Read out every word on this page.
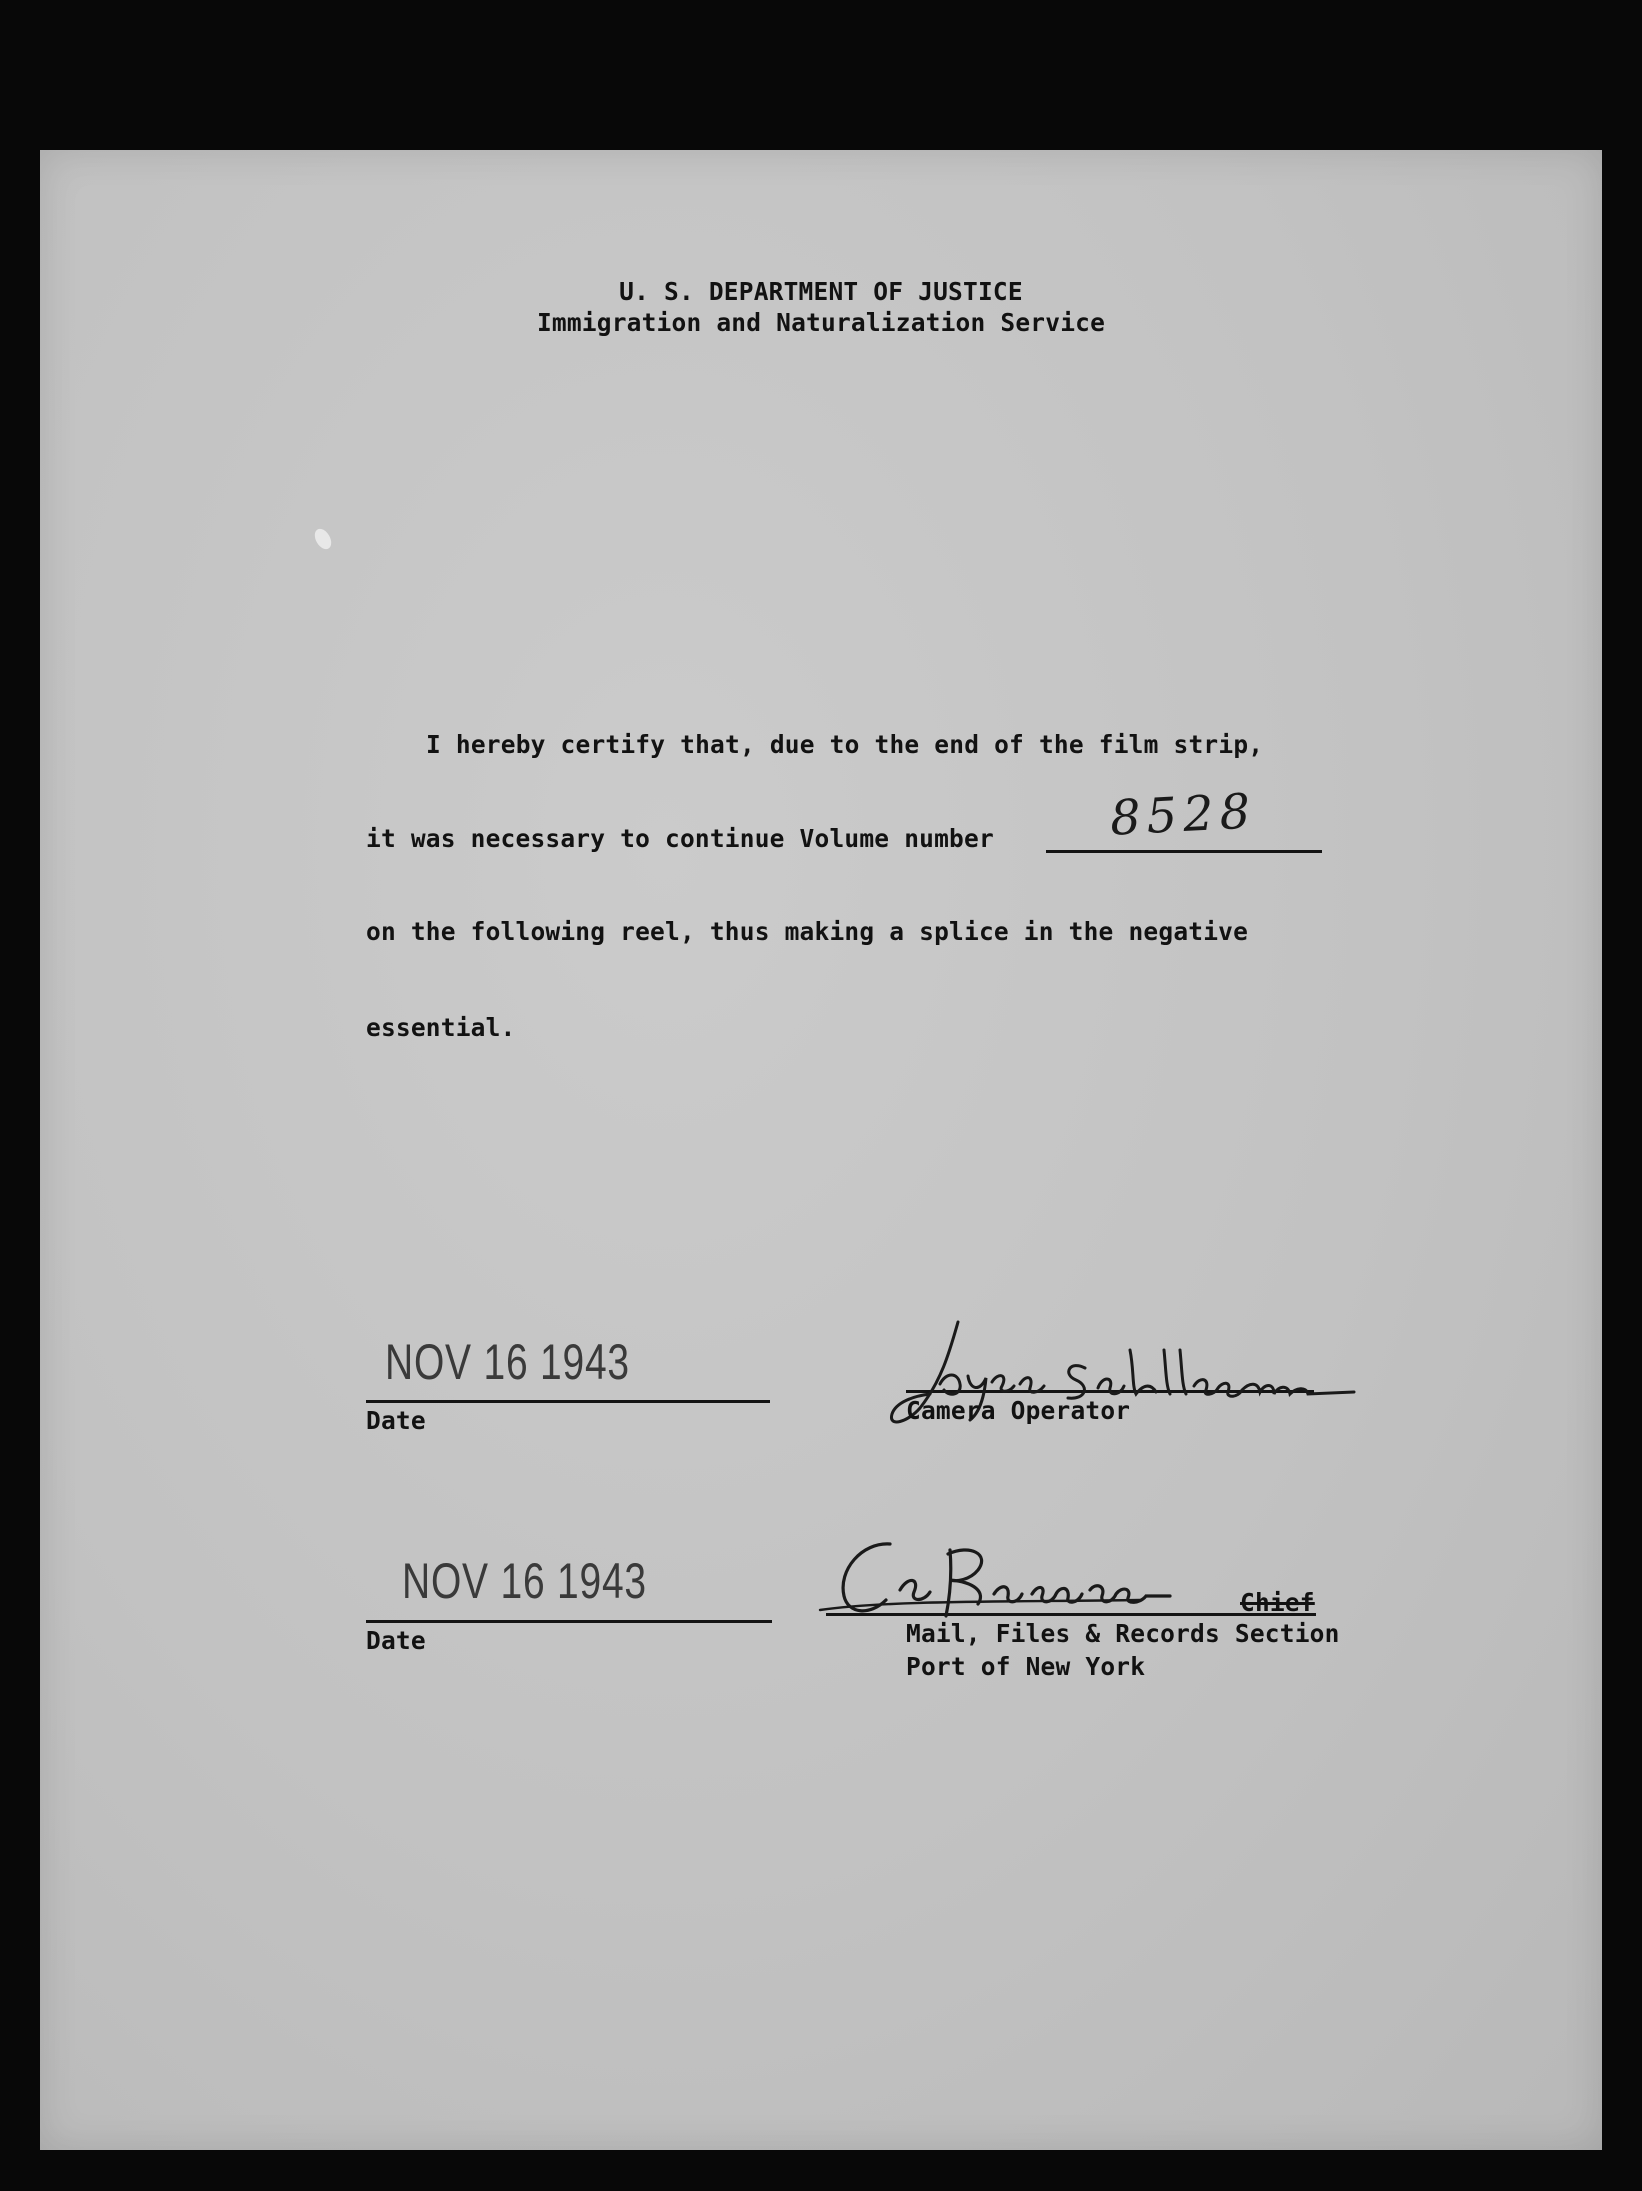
U. S. DEPARTMENT OF JUSTICE
Immigration and Naturalization Service
I hereby certify that, due to the end of the film strip,
it was necessary to continue Volume number 8528
on the following reel, thus making a splice in the negative
essential.
NOV 16 1943
Date	Camera Operator
NOV 16 1943
Date
Chief
Mail, Files & Records Section
Port of New York
